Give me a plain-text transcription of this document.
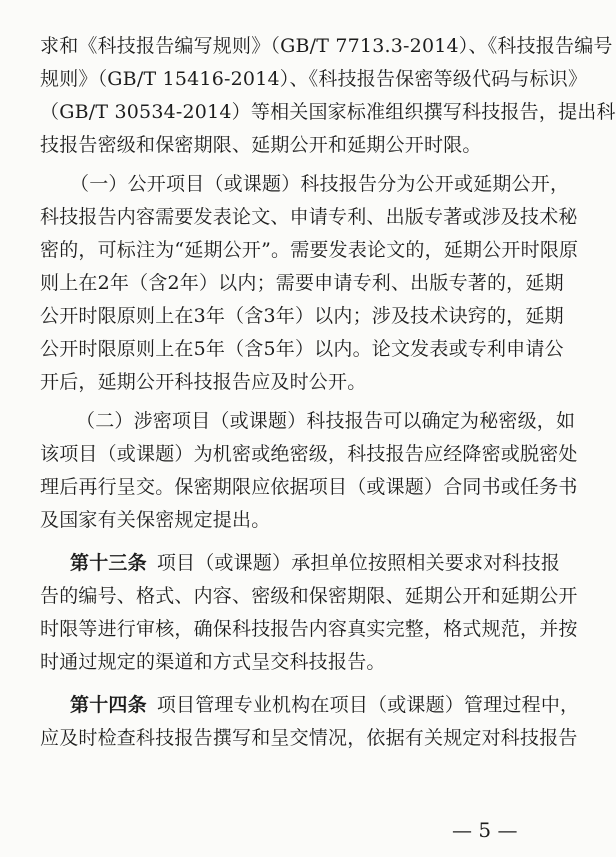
求和《科技报告编写规则》（GB/T 7713.3-2014）、《科技报告编号
规则》（GB/T 15416-2014）、《科技报告保密等级代码与标识》
（GB/T 30534-2014）等相关国家标准组织撰写科技报告，提出科
技报告密级和保密期限、延期公开和延期公开时限。
（一）公开项目（或课题）科技报告分为公开或延期公开，
科技报告内容需要发表论文、申请专利、出版专著或涉及技术秘
密的，可标注为“延期公开”。需要发表论文的，延期公开时限原
则上在2年（含2年）以内；需要申请专利、出版专著的，延期
公开时限原则上在3年（含3年）以内；涉及技术诀窍的，延期
公开时限原则上在5年（含5年）以内。论文发表或专利申请公
开后，延期公开科技报告应及时公开。
（二）涉密项目（或课题）科技报告可以确定为秘密级，如
该项目（或课题）为机密或绝密级，科技报告应经降密或脱密处
理后再行呈交。保密期限应依据项目（或课题）合同书或任务书
及国家有关保密规定提出。
第十三条 项目（或课题）承担单位按照相关要求对科技报
告的编号、格式、内容、密级和保密期限、延期公开和延期公开
时限等进行审核，确保科技报告内容真实完整，格式规范，并按
时通过规定的渠道和方式呈交科技报告。
第十四条 项目管理专业机构在项目（或课题）管理过程中，
应及时检查科技报告撰写和呈交情况，依据有关规定对科技报告
— 5 —
